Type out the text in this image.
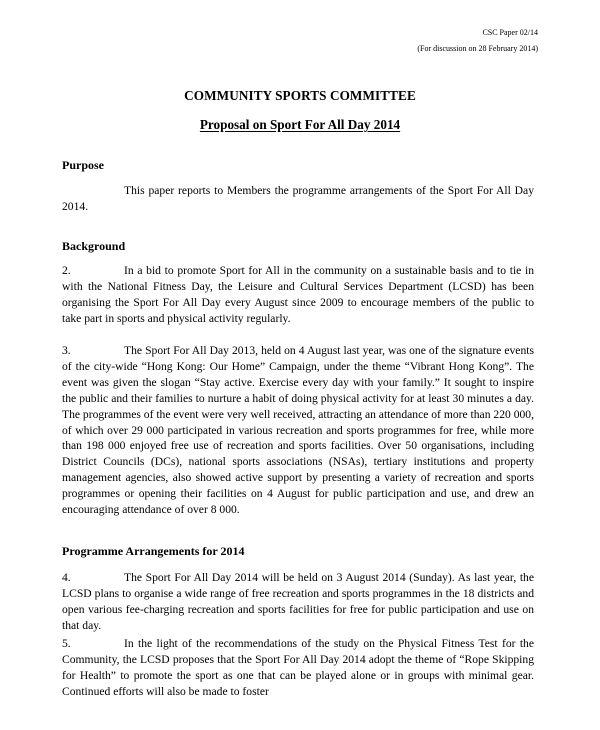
CSC Paper 02/14
(For discussion on 28 February 2014)
COMMUNITY SPORTS COMMITTEE
Proposal on Sport For All Day 2014
Purpose
This paper reports to Members the programme arrangements of the Sport For All Day 2014.
Background
2.	In a bid to promote Sport for All in the community on a sustainable basis and to tie in with the National Fitness Day, the Leisure and Cultural Services Department (LCSD) has been organising the Sport For All Day every August since 2009 to encourage members of the public to take part in sports and physical activity regularly.
3.	The Sport For All Day 2013, held on 4 August last year, was one of the signature events of the city-wide “Hong Kong: Our Home” Campaign, under the theme “Vibrant Hong Kong”. The event was given the slogan “Stay active. Exercise every day with your family.” It sought to inspire the public and their families to nurture a habit of doing physical activity for at least 30 minutes a day. The programmes of the event were very well received, attracting an attendance of more than 220 000, of which over 29 000 participated in various recreation and sports programmes for free, while more than 198 000 enjoyed free use of recreation and sports facilities. Over 50 organisations, including District Councils (DCs), national sports associations (NSAs), tertiary institutions and property management agencies, also showed active support by presenting a variety of recreation and sports programmes or opening their facilities on 4 August for public participation and use, and drew an encouraging attendance of over 8 000.
Programme Arrangements for 2014
4.	The Sport For All Day 2014 will be held on 3 August 2014 (Sunday). As last year, the LCSD plans to organise a wide range of free recreation and sports programmes in the 18 districts and open various fee-charging recreation and sports facilities for free for public participation and use on that day.
5.	In the light of the recommendations of the study on the Physical Fitness Test for the Community, the LCSD proposes that the Sport For All Day 2014 adopt the theme of “Rope Skipping for Health” to promote the sport as one that can be played alone or in groups with minimal gear. Continued efforts will also be made to foster
